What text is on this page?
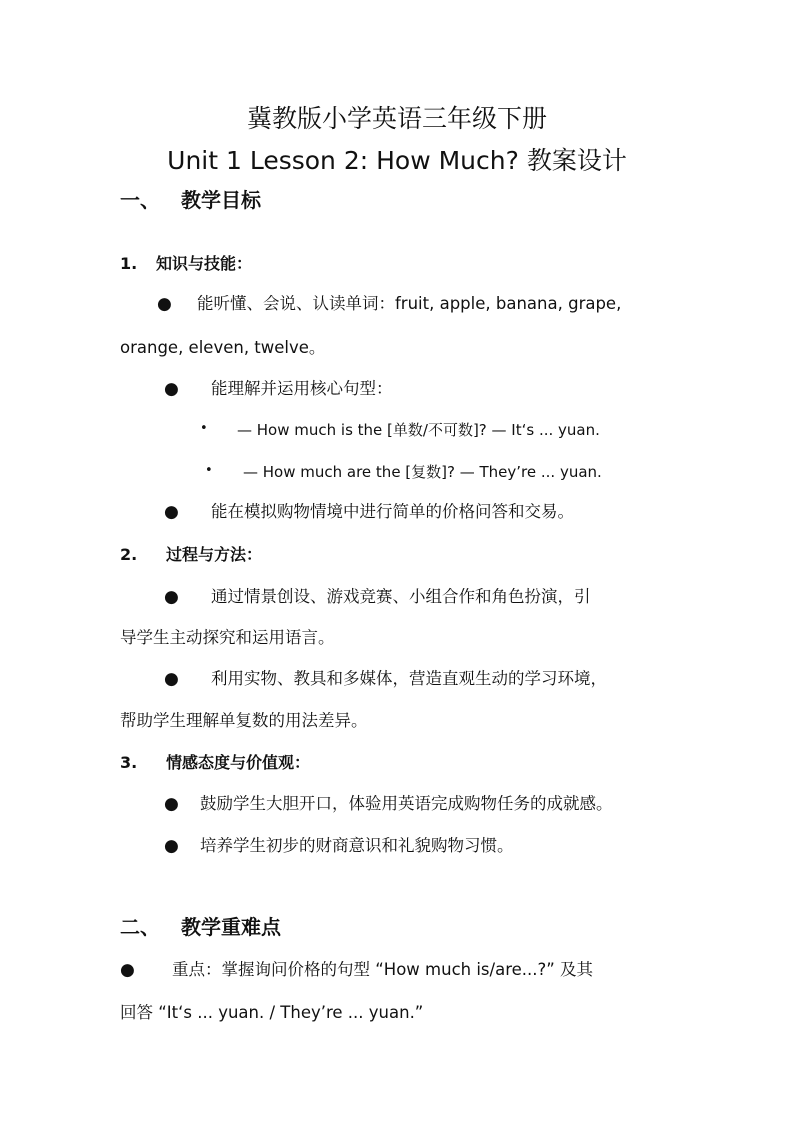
冀教版小学英语三年级下册
Unit 1 Lesson 2: How Much? 教案设计
一、 教学目标
1. 知识与技能：
● 能听懂、会说、认读单词：fruit, apple, banana, grape,
orange, eleven, twelve。
● 能理解并运用核心句型：
• — How much is the [单数/不可数]? — It‘s ... yuan.
• — How much are the [复数]? — They’re ... yuan.
● 能在模拟购物情境中进行简单的价格问答和交易。
2. 过程与方法：
● 通过情景创设、游戏竞赛、小组合作和角色扮演，引
导学生主动探究和运用语言。
● 利用实物、教具和多媒体，营造直观生动的学习环境，
帮助学生理解单复数的用法差异。
3. 情感态度与价值观：
● 鼓励学生大胆开口，体验用英语完成购物任务的成就感。
● 培养学生初步的财商意识和礼貌购物习惯。
二、 教学重难点
● 重点：掌握询问价格的句型 “How much is/are...?” 及其
回答 “It‘s ... yuan. / They’re ... yuan.”
